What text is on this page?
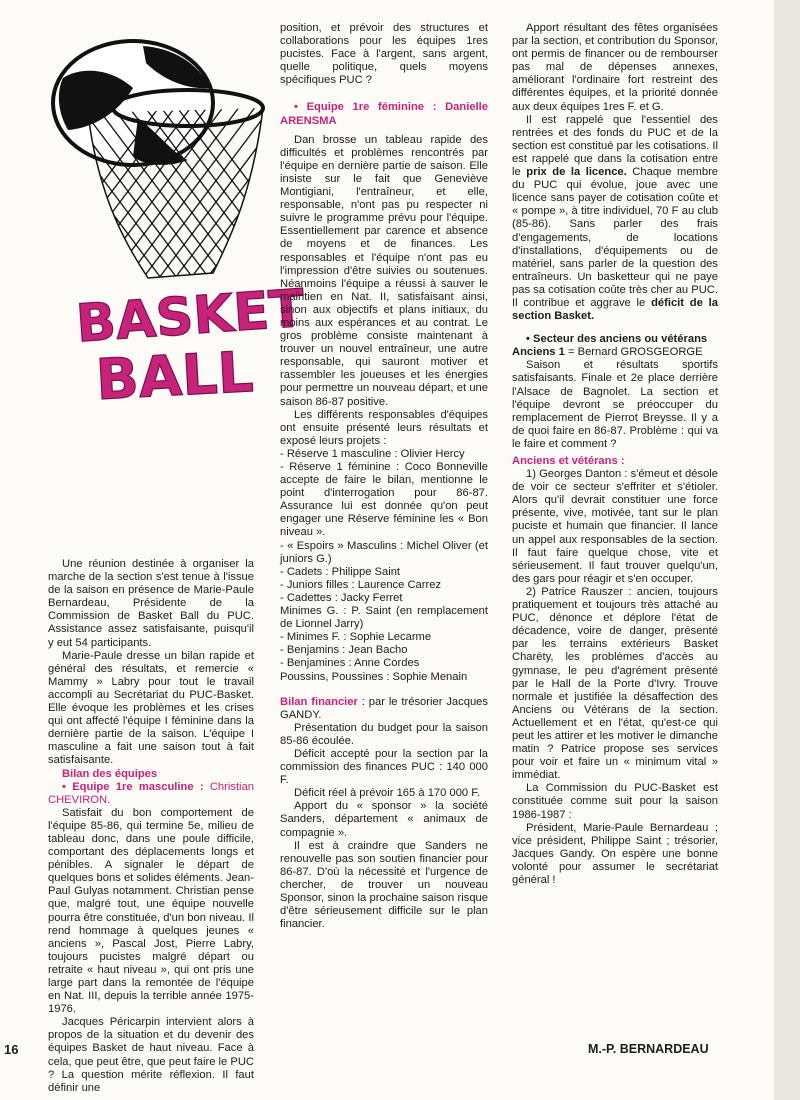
BASKET
BALL

Une réunion destinée à organiser la marche de la section s'est tenue à l'issue de la saison en présence de Marie-Paule Bernardeau, Présidente de la Commission de Basket Ball du PUC. Assistance assez satisfaisante, puisqu'il y eut 54 participants.

Marie-Paule dresse un bilan rapide et général des résultats, et remercie « Mammy » Labry pour tout le travail accompli au Secrétariat du PUC-Basket. Elle évoque les problèmes et les crises qui ont affecté l'équipe I féminine dans la dernière partie de la saison. L'équipe I masculine a fait une saison tout à fait satisfaisante.

Bilan des équipes

• Equipe 1re masculine : Christian CHEVIRON.

Satisfait du bon comportement de l'équipe 85-86, qui termine 5e, milieu de tableau donc, dans une poule difficile, comportant des déplacements longs et pénibles. A signaler le départ de quelques bons et solides éléments. Jean-Paul Gulyas notamment. Christian pense que, malgré tout, une équipe nouvelle pourra être constituée, d'un bon niveau. Il rend hommage à quelques jeunes « anciens », Pascal Jost, Pierre Labry, toujours pucistes malgré départ ou retraite « haut niveau », qui ont pris une large part dans la remontée de l'équipe en Nat. III, depuis la terrible année 1975-1976.

Jacques Péricarpin intervient alors à propos de la situation et du devenir des équipes Basket de haut niveau. Face à cela, que peut être, que peut faire le PUC ? La question mérite réflexion. Il faut définir une

position, et prévoir des structures et collaborations pour les équipes 1res pucistes. Face à l'argent, sans argent, quelle politique, quels moyens spécifiques PUC ?

• Equipe 1re féminine : Danielle ARENSMA

Dan brosse un tableau rapide des difficultés et problèmes rencontrés par l'équipe en dernière partie de saison. Elle insiste sur le fait que Geneviève Montigiani, l'entraîneur, et elle, responsable, n'ont pas pu respecter ni suivre le programme prévu pour l'équipe. Essentiellement par carence et absence de moyens et de finances. Les responsables et l'équipe n'ont pas eu l'impression d'être suivies ou soutenues. Néanmoins l'équipe a réussi à sauver le maintien en Nat. II, satisfaisant ainsi, sinon aux objectifs et plans initiaux, du moins aux espérances et au contrat. Le gros problème consiste maintenant à trouver un nouvel entraîneur, une autre responsable, qui sauront motiver et rassembler les joueuses et les énergies pour permettre un nouveau départ, et une saison 86-87 positive.

Les différents responsables d'équipes ont ensuite présenté leurs résultats et exposé leurs projets :

- Réserve 1 masculine : Olivier Hercy
- Réserve 1 féminine : Coco Bonneville accepte de faire le bilan, mentionne le point d'interrogation pour 86-87. Assurance lui est donnée qu'on peut engager une Réserve féminine les « Bon niveau ».
- « Espoirs » Masculins : Michel Oliver (et juniors G.)
- Cadets : Philippe Saint
- Juniors filles : Laurence Carrez
- Cadettes : Jacky Ferret
Minimes G. : P. Saint (en remplacement de Lionnel Jarry)
- Minimes F. : Sophie Lecarme
- Benjamins : Jean Bacho
- Benjamines : Anne Cordes
Poussins, Poussines : Sophie Menain

Bilan financier : par le trésorier Jacques GANDY.

Présentation du budget pour la saison 85-86 écoulée.

Déficit accepté pour la section par la commission des finances PUC : 140 000 F.

Déficit réel à prévoir 165 à 170 000 F.

Apport du « sponsor » la société Sanders, département « animaux de compagnie ».

Il est à craindre que Sanders ne renouvelle pas son soutien financier pour 86-87. D'où la nécessité et l'urgence de chercher, de trouver un nouveau Sponsor, sinon la prochaine saison risque d'être sérieusement difficile sur le plan financier.

Apport résultant des fêtes organisées par la section, et contribution du Sponsor, ont permis de financer ou de rembourser pas mal de dépenses annexes, améliorant l'ordinaire fort restreint des différentes équipes, et la priorité donnée aux deux équipes 1res F. et G.

Il est rappelé que l'essentiel des rentrées et des fonds du PUC et de la section est constitué par les cotisations. Il est rappelé que dans la cotisation entre le prix de la licence. Chaque membre du PUC qui évolue, joue avec une licence sans payer de cotisation coûte et « pompe », à titre individuel, 70 F au club (85-86). Sans parler des frais d'engagements, de locations d'installations, d'équipements ou de matériel, sans parler de la question des entraîneurs. Un basketteur qui ne paye pas sa cotisation coûte très cher au PUC. Il contribue et aggrave le déficit de la section Basket.

• Secteur des anciens ou vétérans

Anciens 1 = Bernard GROSGEORGE

Saison et résultats sportifs satisfaisants. Finale et 2e place derrière l'Alsace de Bagnolet. La section et l'équipe devront se préoccuper du remplacement de Pierrot Breysse. Il y a de quoi faire en 86-87. Problème : qui va le faire et comment ?

Anciens et vétérans :

1) Georges Danton : s'émeut et désole de voir ce secteur s'effriter et s'étioler. Alors qu'il devrait constituer une force présente, vive, motivée, tant sur le plan puciste et humain que financier. Il lance un appel aux responsables de la section. Il faut faire quelque chose, vite et sérieusement. Il faut trouver quelqu'un, des gars pour réagir et s'en occuper.

2) Patrice Rauszer : ancien, toujours pratiquement et toujours très attaché au PUC, dénonce et déplore l'état de décadence, voire de danger, présenté par les terrains extérieurs Basket Charéty, les problèmes d'accès au gymnase, le peu d'agrément présenté par le Hall de la Porte d'Ivry. Trouve normale et justifiée la désaffection des Anciens ou Vétérans de la section. Actuellement et en l'état, qu'est-ce qui peut les attirer et les motiver le dimanche matin ? Patrice propose ses services pour voir et faire un « minimum vital » immédiat.

La Commission du PUC-Basket est constituée comme suit pour la saison 1986-1987 :

Président, Marie-Paule Bernardeau ; vice président, Philippe Saint ; trésorier, Jacques Gandy. On espère une bonne volonté pour assumer le secrétariat général !

16	M.-P. BERNARDEAU
